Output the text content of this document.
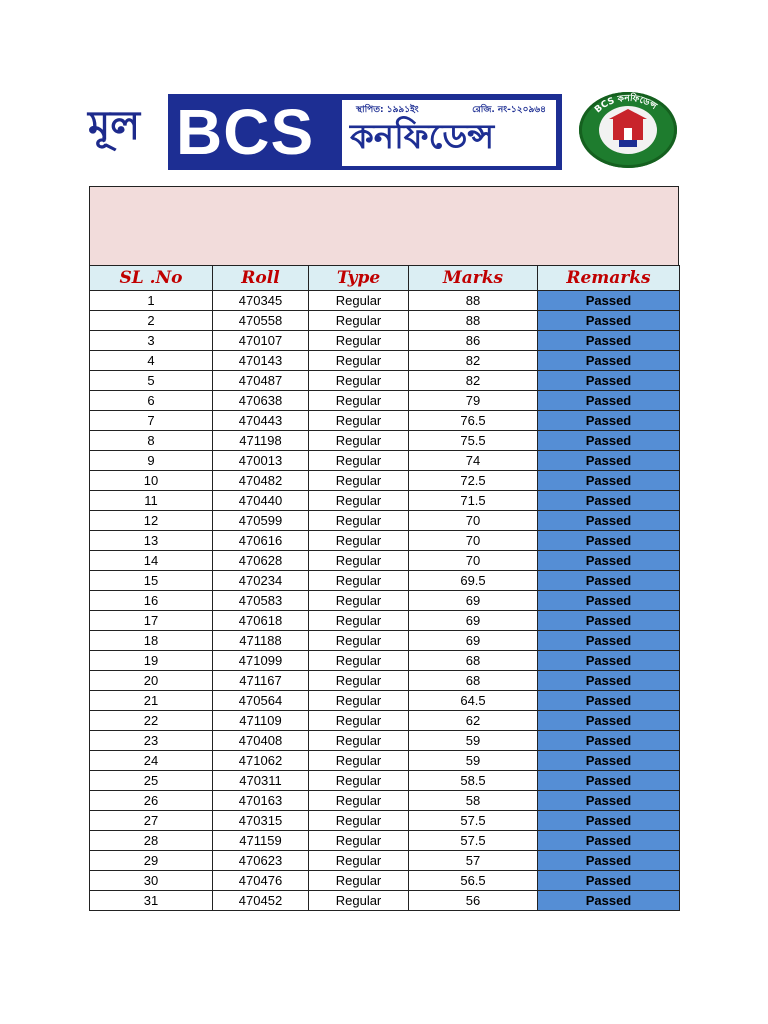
মূল BCS	স্থাপিত: ১৯৯১ইং	রেজি. নং-১২০৯৬৪
কনফিডেন্স
BCS কনফিডেন্স
SL .No	Roll	Type	Marks	Remarks
1	470345	Regular	88	Passed
2	470558	Regular	88	Passed
3	470107	Regular	86	Passed
4	470143	Regular	82	Passed
5	470487	Regular	82	Passed
6	470638	Regular	79	Passed
7	470443	Regular	76.5	Passed
8	471198	Regular	75.5	Passed
9	470013	Regular	74	Passed
10	470482	Regular	72.5	Passed
11	470440	Regular	71.5	Passed
12	470599	Regular	70	Passed
13	470616	Regular	70	Passed
14	470628	Regular	70	Passed
15	470234	Regular	69.5	Passed
16	470583	Regular	69	Passed
17	470618	Regular	69	Passed
18	471188	Regular	69	Passed
19	471099	Regular	68	Passed
20	471167	Regular	68	Passed
21	470564	Regular	64.5	Passed
22	471109	Regular	62	Passed
23	470408	Regular	59	Passed
24	471062	Regular	59	Passed
25	470311	Regular	58.5	Passed
26	470163	Regular	58	Passed
27	470315	Regular	57.5	Passed
28	471159	Regular	57.5	Passed
29	470623	Regular	57	Passed
30	470476	Regular	56.5	Passed
31	470452	Regular	56	Passed
